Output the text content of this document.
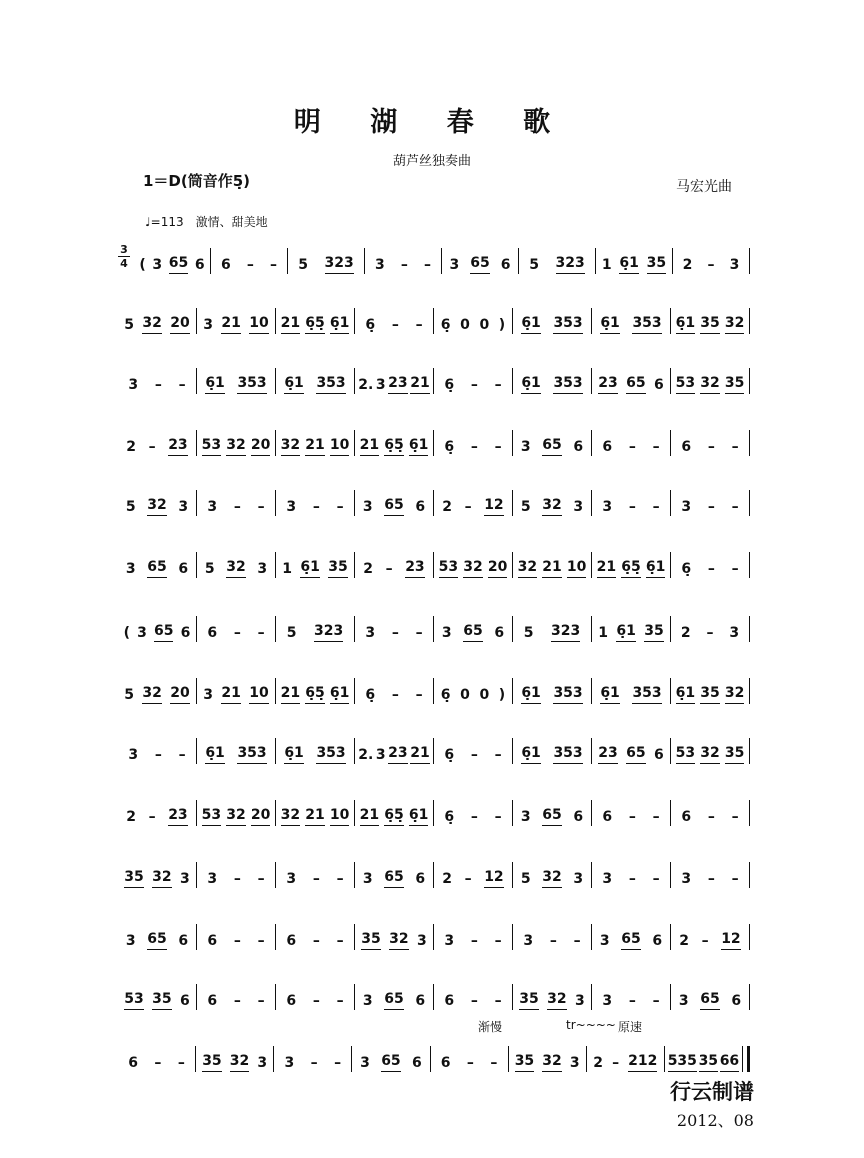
明 湖 春 歌
葫芦丝独奏曲
1＝D(筒音作5̣)	马宏光曲
♩=113　激情、甜美地
3
4 ( 3 65 6 6 – – 5 323 3 – – 3 65 6 5 323 1 6̣1 35 2 – 3
5 32 20 3 21 10 21 6̣5̣ 6̣1 6̣ – – 6̣ 0 0 ) 6̣1 353 6̣1 353 6̣1 35 32
3 – – 6̣1 353 6̣1 353 2. 3 23 21 6̣ – – 6̣1 353 23 65 6 53 32 35
2 – 23 53 32 20 32 21 10 21 6̣5̣ 6̣1 6̣ – – 3 65 6 6 – – 6 – –
5 32 3 3 – – 3 – – 3 65 6 2 – 12 5 32 3 3 – – 3 – –
3 65 6 5 32 3 1 6̣1 35 2 – 23 53 32 20 32 21 10 21 6̣5̣ 6̣1 6̣ – –
( 3 65 6 6 – – 5 323 3 – – 3 65 6 5 323 1 6̣1 35 2 – 3
5 32 20 3 21 10 21 6̣5̣ 6̣1 6̣ – – 6̣ 0 0 ) 6̣1 353 6̣1 353 6̣1 35 32
3 – – 6̣1 353 6̣1 353 2. 3 23 21 6̣ – – 6̣1 353 23 65 6 53 32 35
2 – 23 53 32 20 32 21 10 21 6̣5̣ 6̣1 6̣ – – 3 65 6 6 – – 6 – –
35 32 3 3 – – 3 – – 3 65 6 2 – 12 5 32 3 3 – – 3 – –
3 65 6 6 – – 6 – – 35 32 3 3 – – 3 – – 3 65 6 2 – 12
53 35 6 6 – – 6 – – 3 65 6 6 – – 35 32 3 3 – – 3 65 6
6 – – 35 32 3 3 – – 3 65 6 6 – – 35 32 3 2 – 212 535 35 66
渐慢	tr~~~~ 原速
行云制谱
2012、08
